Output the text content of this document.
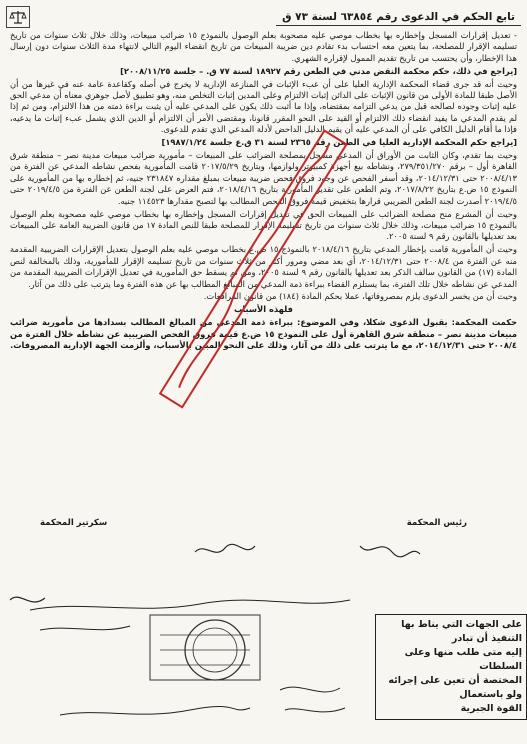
تابع الحكم في الدعوى رقم ٦٣٨٥٤ لسنة ٧٣ ق

- تعديل إقرارات المسجل وإخطاره بها بخطاب موصي عليه مصحوبة بعلم الوصول بالنموذج ١٥ ضرائب مبيعات، وذلك خلال ثلاث سنوات من تاريخ تسليمه الإقرار للمصلحة، بما يتعين معه احتساب بدء تقادم دين ضريبة المبيعات من تاريخ انقضاء اليوم التالي لانتهاء مدة الثلاث سنوات دون إرسال هذا الإخطار، وأن يحتسب من تاريخ تقديم الممول لإقراره الشهري.

[يراجع في ذلك، حكم محكمة النقض مدني في الطعن رقم ١٨٩٢٧ لسنة ٧٧ ق. – جلسة ٢٠٠٨/١١/٢٥]

وحيث أنه قد جرى قضاء المحكمة الإدارية العليا على أن عبء الإثبات في المنازعة الإدارية لا يخرج في أصله وكقاعدة عامة عنه في غيرها من أن الأصل طبقا للمادة الأولى من قانون الإثبات على الدائن إثبات الالتزام وعلى المدين إثبات التخلص منه، وهو تطبيق لأصل جوهري معناه أن مدعي الحق عليه إثبات وجوده لصالحه قبل من يدعي التزامه بمقتضاه، وإذا ما أثبت ذلك يكون على المدعي عليه أن يثبت براءة ذمته من هذا الالتزام، ومن ثم إذا لم يقدم المدعي ما يفيد انقضاء ذلك الالتزام أو القيد على النحو المقرر قانونا، ومقتضى الأمر أن الالتزام أو الدين الذي يشمل عبء إثبات ما يدعيه، فإذا ما أقام الدليل الكافي على أن المدعي عليه أن يقيم الدليل الداحض لأدلة المدعي الذي تقدم للدعوى.

[يراجع حكم المحكمة الإدارية العليا في الطعن رقم ٢٣٦٥ لسنة ٣١ ق.ع جلسة ١٩٨٧/١/٢٤]

وحيث بما تقدم، وكان الثابت من الأوراق أن المدعي مسجل بمصلحة الضرائب على المبيعات – مأمورية ضرائب مبيعات مدينة نصر – منطقة شرق القاهرة أول – برقم ٢٧٩/٣٥١/٢٧٠، ونشاطه بيع أجهزة كمبيوتر ولوازمها، وبتاريخ ٢٠١٧/٥/٢٩ قامت المأمورية بفحص نشاطه المدعي عن الفترة من ٢٠٠٨/٤/١٣ حتى ٢٠١٤/١٢/٣١، وقد أسفر الفحص عن وجود فروق فحص ضريبة مبيعات بمبلغ مقداره ٢٣١٨٤٧ جنيه، ثم إخطاره بها من المأمورية على النموذج ١٥ ض.ع بتاريخ ٢٠١٧/٨/٢٢، وتم الطعن على تقدير المأمورية بتاريخ ٢٠١٨/٤/١٦، فتم العرض على لجنة الطعن عن الفترة من ٢٠١٩/٤/٥ حتى ٢٠١٩/٤/٥ أصدرت لجنة الطعن الضريبي قرارها بتخفيض قيمة فروق الفحص المطالب بها لتصبح مقدارها ١١٤٥٢٣ جنيه.

وحيث أن المشرع منح مصلحة الضرائب على المبيعات الحق في تعديل إقرارات المسجل وإخطاره بها بخطاب موصي عليه مصحوبة بعلم الوصول بالنموذج ١٥ ضرائب مبيعات، وذلك خلال ثلاث سنوات من تاريخ تسليمه الإقرار للمصلحة طبقا للنص المادة ١٧ من قانون الضريبة العامة على المبيعات بعد تعديلها بالقانون رقم ٩ لسنة ٢٠٠٥.

وحيث أن المأمورية قامت بإخطار المدعي بتاريخ ٢٠١٨/٤/١٦ بالنموذج ١٥ ض.ع بخطاب موصي عليه بعلم الوصول بتعديل الإقرارات الضريبية المقدمة منه عن الفترة من ٢٠٠٨/٤ حتى ٢٠١٤/١٢/٣١، أي بعد مضي ومرور أكثر من ثلاث سنوات من تاريخ تسليمه الإقرار للمأمورية، وذلك بالمخالفة لنص المادة (١٧) من القانون سالف الذكر بعد تعديلها بالقانون رقم ٩ لسنة ٢٠٠٥، ومن ثم يسقط حق المأمورية في تعديل الإقرارات الضريبية المقدمة من المدعي عن نشاطه خلال تلك الفترة، بما يستلزم القضاء ببراءة ذمة المدعي من المبالغ المطالب بها عن هذه الفترة وما يترتب على ذلك من آثار.

وحيث أن من يخسر الدعوى يلزم بمصروفاتها، عملا بحكم المادة (١٨٤) من قانون المرافعات.

فلهذه الأسباب

حكمت المحكمة: بقبول الدعوى شكلا، وفي الموضوع: ببراءة ذمة المدعي من المبالغ المطالب بسدادها من مأمورية ضرائب مبيعات مدينة نصر – منطقة شرق القاهرة أول على النموذج ١٥ ض.ع قيمة فروق الفحص الضريبية عن نشاطه خلال الفترة من ٢٠٠٨/٤ حتى ٢٠١٤/١٢/٣١، مع ما يترتب على ذلك من آثار، وذلك على النحو المبين بالأسباب، وألزمت الجهة الإدارية المصروفات.

سكرتير المحكمة	رئيس المحكمة
على الجهات التي يناط بها التنفيذ أن تبادر
إليه متى طلب منها وعلى السلطات
المختصة أن تعين على إجرائه ولو باستعمال
القوة الجبرية
